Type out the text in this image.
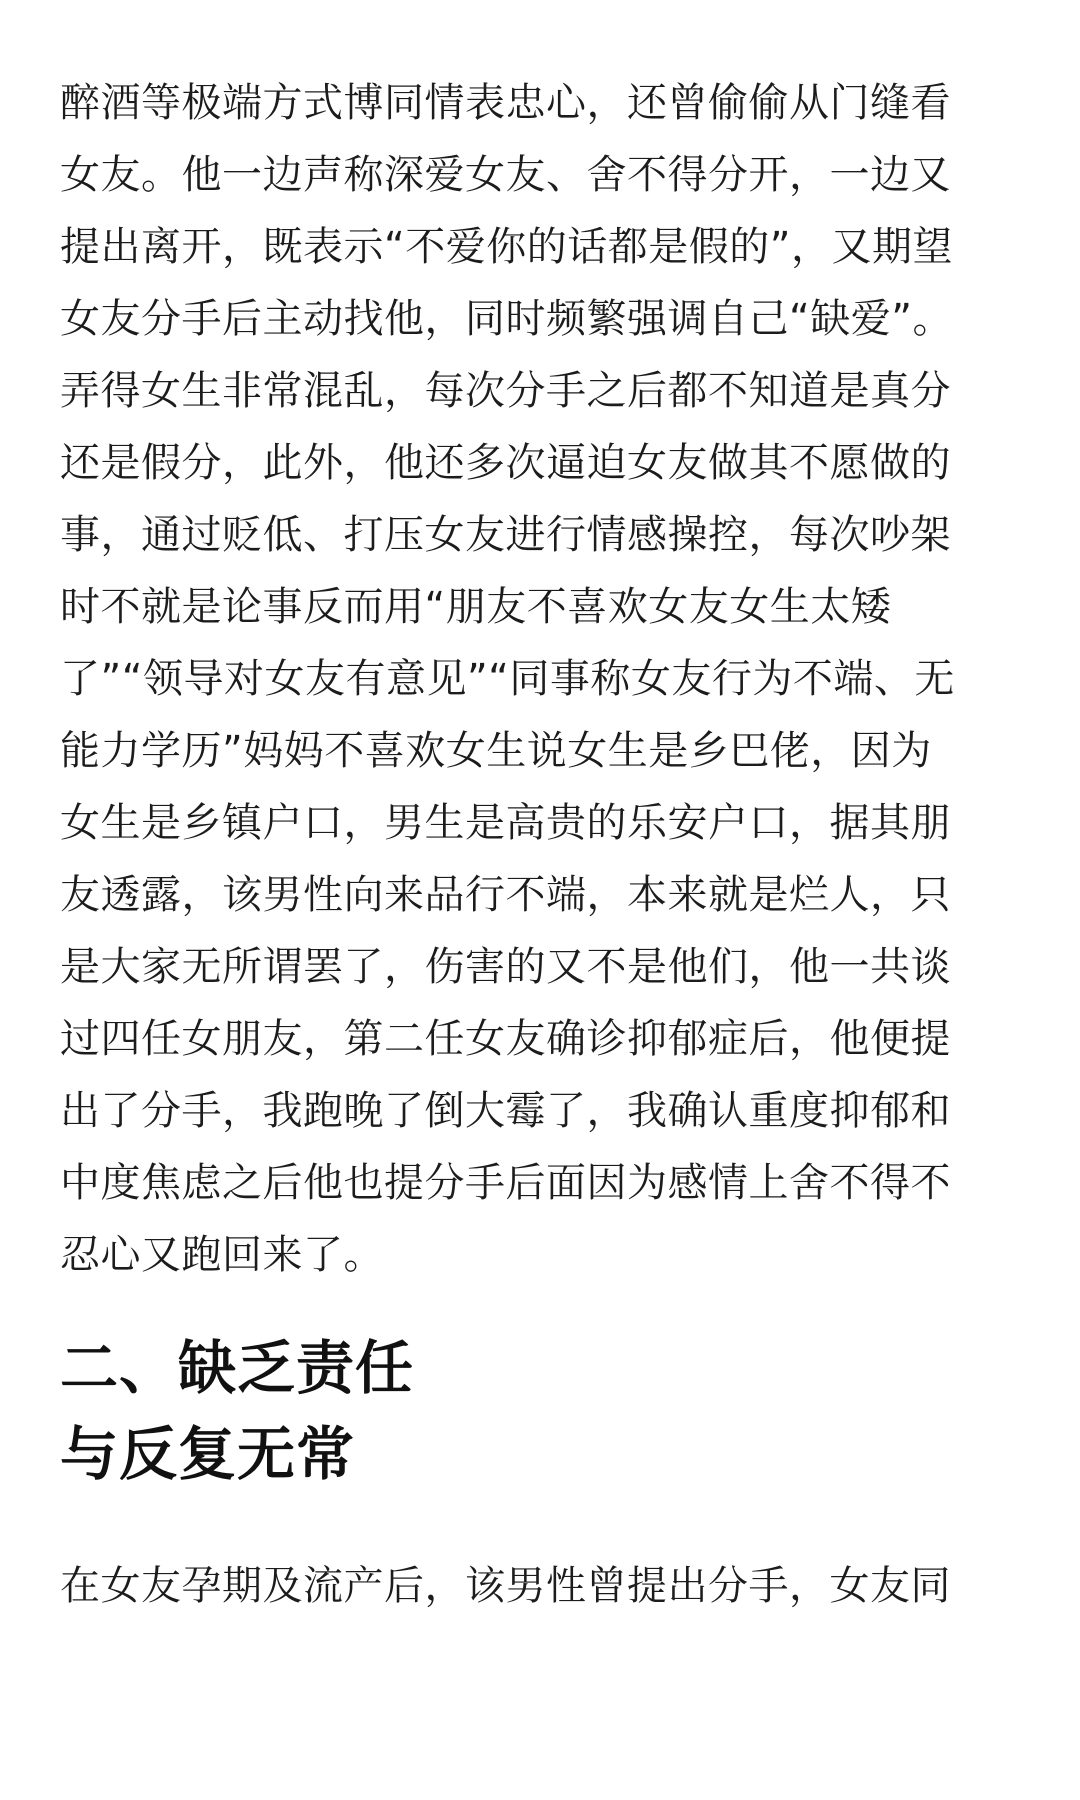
醉酒等极端方式博同情表忠心，还曾偷偷从门缝看
女友。他一边声称深爱女友、舍不得分开，一边又
提出离开，既表示“不爱你的话都是假的”，又期望
女友分手后主动找他，同时频繁强调自己“缺爱”。
弄得女生非常混乱，每次分手之后都不知道是真分
还是假分，此外，他还多次逼迫女友做其不愿做的
事，通过贬低、打压女友进行情感操控，每次吵架
时不就是论事反而用“朋友不喜欢女友女生太矮
了”“领导对女友有意见”“同事称女友行为不端、无
能力学历”妈妈不喜欢女生说女生是乡巴佬，因为
女生是乡镇户口，男生是高贵的乐安户口，据其朋
友透露，该男性向来品行不端，本来就是烂人，只
是大家无所谓罢了，伤害的又不是他们，他一共谈
过四任女朋友，第二任女友确诊抑郁症后，他便提
出了分手，我跑晚了倒大霉了，我确认重度抑郁和
中度焦虑之后他也提分手后面因为感情上舍不得不
忍心又跑回来了。
二、缺乏责任
与反复无常
在女友孕期及流产后，该男性曾提出分手，女友同
